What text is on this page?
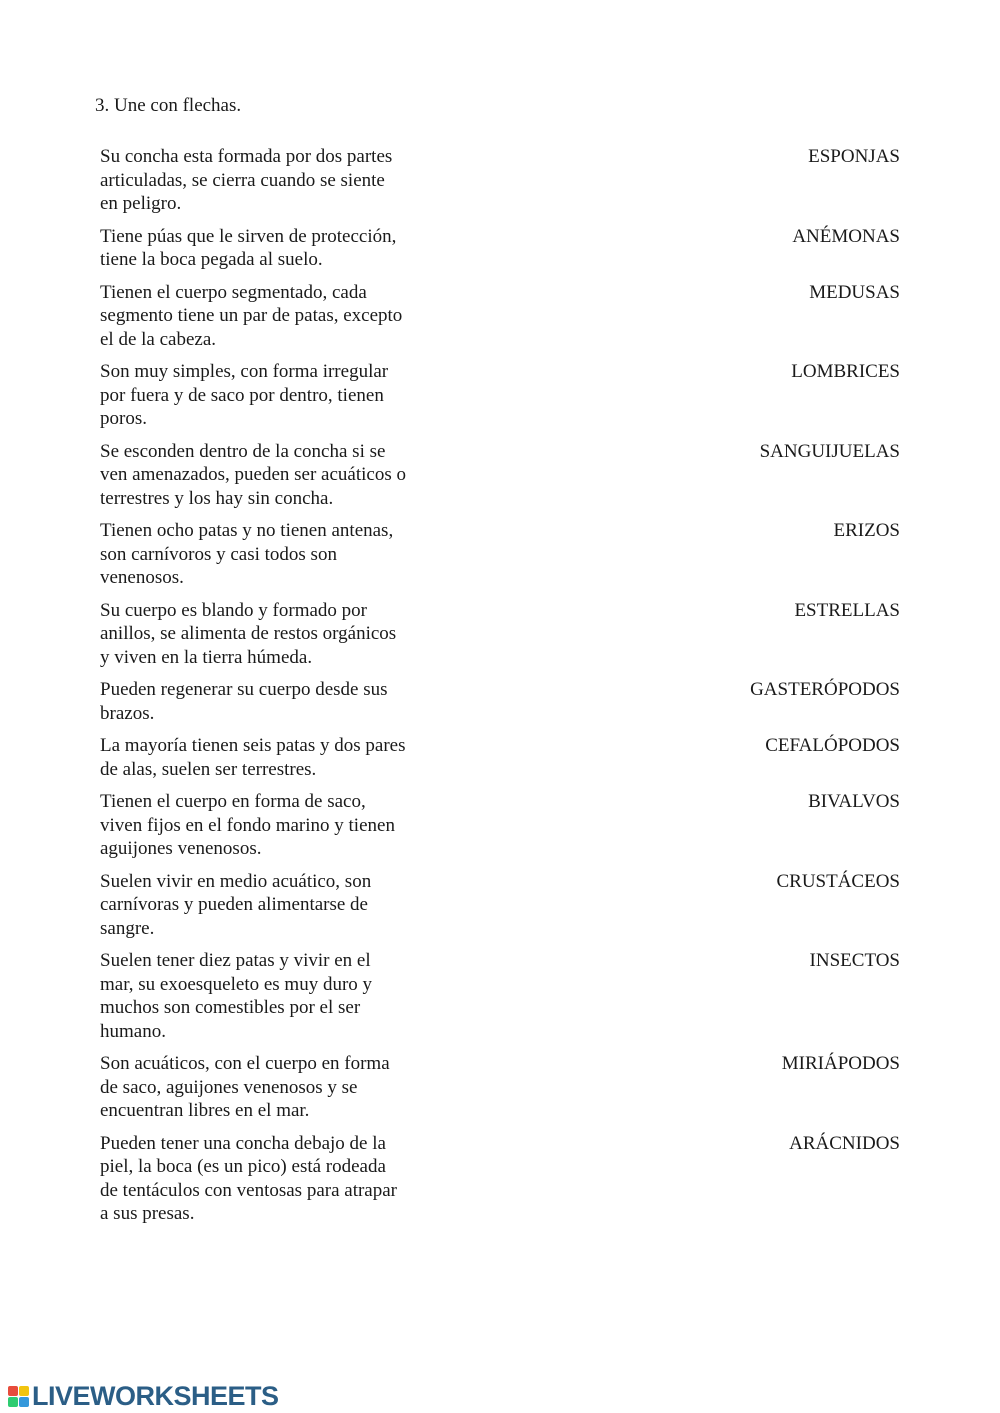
3. Une con flechas.
Su concha esta formada por dos partes
articuladas, se cierra cuando se siente
en peligro.
ESPONJAS
Tiene púas que le sirven de protección,
tiene la boca pegada al suelo.
ANÉMONAS
Tienen el cuerpo segmentado, cada
segmento tiene un par de patas, excepto
el de la cabeza.
MEDUSAS
Son muy simples, con forma irregular
por fuera y de saco por dentro, tienen
poros.
LOMBRICES
Se esconden dentro de la concha si se
ven amenazados, pueden ser acuáticos o
terrestres y los hay sin concha.
SANGUIJUELAS
Tienen ocho patas y no tienen antenas,
son carnívoros y casi todos son
venenosos.
ERIZOS
Su cuerpo es blando y formado por
anillos, se alimenta de restos orgánicos
y viven en la tierra húmeda.
ESTRELLAS
Pueden regenerar su cuerpo desde sus
brazos.
GASTERÓPODOS
La mayoría tienen seis patas y dos pares
de alas, suelen ser terrestres.
CEFALÓPODOS
Tienen el cuerpo en forma de saco,
viven fijos en el fondo marino y tienen
aguijones venenosos.
BIVALVOS
Suelen vivir en medio acuático, son
carnívoras y pueden alimentarse de
sangre.
CRUSTÁCEOS
Suelen tener diez patas y vivir en el
mar, su exoesqueleto es muy duro y
muchos son comestibles por el ser
humano.
INSECTOS
Son acuáticos, con el cuerpo en forma
de saco, aguijones venenosos y se
encuentran libres en el mar.
MIRIÁPODOS
Pueden tener una concha debajo de la
piel, la boca (es un pico) está rodeada
de tentáculos con ventosas para atrapar
a sus presas.
ARÁCNIDOS
LIVEWORKSHEETS
